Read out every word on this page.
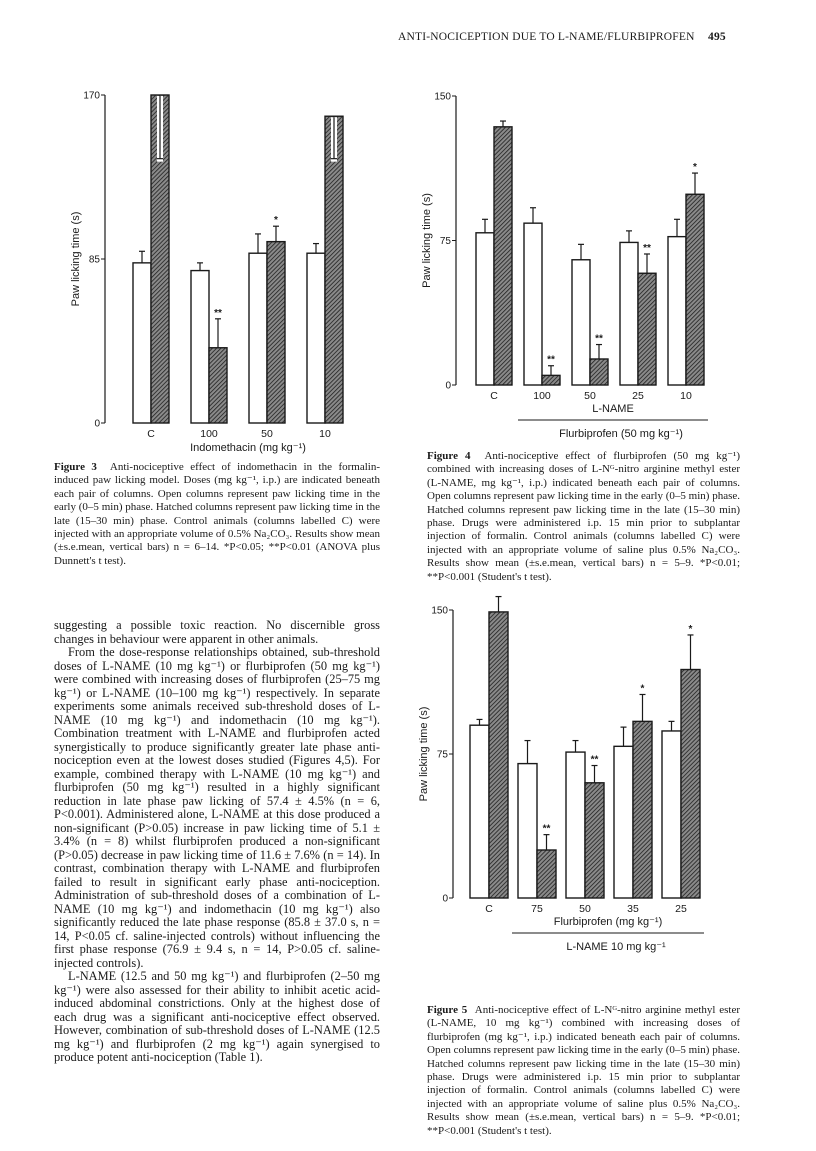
ANTI-NOCICEPTION DUE TO L-NAME/FLURBIPROFEN 495
0
85
170
Paw licking time (s)
C
**
100
*
50	10
Indomethacin (mg kg⁻¹)
Figure 3 Anti-nociceptive effect of indomethacin in the formalin-induced paw licking model. Doses (mg kg⁻¹, i.p.) are indicated beneath each pair of columns. Open columns represent paw licking time in the early (0–5 min) phase. Hatched columns represent paw licking time in the late (15–30 min) phase. Control animals (columns labelled C) were injected with an appropriate volume of 0.5% Na₂CO₃. Results show mean (±s.e.mean, vertical bars) n = 6–14. *P<0.05; **P<0.01 (ANOVA plus Dunnett's t test).
0
75
150
Paw licking time (s)
C
**
100
**
50
**
25
*
10
L-NAME
Flurbiprofen (50 mg kg⁻¹)
Figure 4 Anti-nociceptive effect of flurbiprofen (50 mg kg⁻¹) combined with increasing doses of L-Nᴳ-nitro arginine methyl ester (L-NAME, mg kg⁻¹, i.p.) indicated beneath each pair of columns. Open columns represent paw licking time in the early (0–5 min) phase. Hatched columns represent paw licking time in the late (15–30 min) phase. Drugs were administered i.p. 15 min prior to subplantar injection of formalin. Control animals (columns labelled C) were injected with an appropriate volume of saline plus 0.5% Na₂CO₃. Results show mean (±s.e.mean, vertical bars) n = 5–9. *P<0.01; **P<0.001 (Student's t test).
0
75
150
Paw licking time (s)
C
**
75
**
50
*
35
*
25
Flurbiprofen (mg kg⁻¹)
L-NAME 10 mg kg⁻¹
Figure 5 Anti-nociceptive effect of L-Nᴳ-nitro arginine methyl ester (L-NAME, 10 mg kg⁻¹) combined with increasing doses of flurbiprofen (mg kg⁻¹, i.p.) indicated beneath each pair of columns. Open columns represent paw licking time in the early (0–5 min) phase. Hatched columns represent paw licking time in the late (15–30 min) phase. Drugs were administered i.p. 15 min prior to subplantar injection of formalin. Control animals (columns labelled C) were injected with an appropriate volume of saline plus 0.5% Na₂CO₃. Results show mean (±s.e.mean, vertical bars) n = 5–9. *P<0.01; **P<0.001 (Student's t test).

suggesting a possible toxic reaction. No discernible gross changes in behaviour were apparent in other animals.

From the dose-response relationships obtained, sub-threshold doses of L-NAME (10 mg kg⁻¹) or flurbiprofen (50 mg kg⁻¹) were combined with increasing doses of flurbiprofen (25–75 mg kg⁻¹) or L-NAME (10–100 mg kg⁻¹) respectively. In separate experiments some animals received sub-threshold doses of L-NAME (10 mg kg⁻¹) and indomethacin (10 mg kg⁻¹). Combination treatment with L-NAME and flurbiprofen acted synergistically to produce significantly greater late phase anti-nociception even at the lowest doses studied (Figures 4,5). For example, combined therapy with L-NAME (10 mg kg⁻¹) and flurbiprofen (50 mg kg⁻¹) resulted in a highly significant reduction in late phase paw licking of 57.4 ± 4.5% (n = 6, P<0.001). Administered alone, L-NAME at this dose produced a non-significant (P>0.05) increase in paw licking time of 5.1 ± 3.4% (n = 8) whilst flurbiprofen produced a non-significant (P>0.05) decrease in paw licking time of 11.6 ± 7.6% (n = 14). In contrast, combination therapy with L-NAME and flurbiprofen failed to result in significant early phase anti-nociception. Administration of sub-threshold doses of a combination of L-NAME (10 mg kg⁻¹) and indomethacin (10 mg kg⁻¹) also significantly reduced the late phase response (85.8 ± 37.0 s, n = 14, P<0.05 cf. saline-injected controls) without influencing the first phase response (76.9 ± 9.4 s, n = 14, P>0.05 cf. saline-injected controls).

L-NAME (12.5 and 50 mg kg⁻¹) and flurbiprofen (2–50 mg kg⁻¹) were also assessed for their ability to inhibit acetic acid-induced abdominal constrictions. Only at the highest dose of each drug was a significant anti-nociceptive effect observed. However, combination of sub-threshold doses of L-NAME (12.5 mg kg⁻¹) and flurbiprofen (2 mg kg⁻¹) again synergised to produce potent anti-nociception (Table 1).
